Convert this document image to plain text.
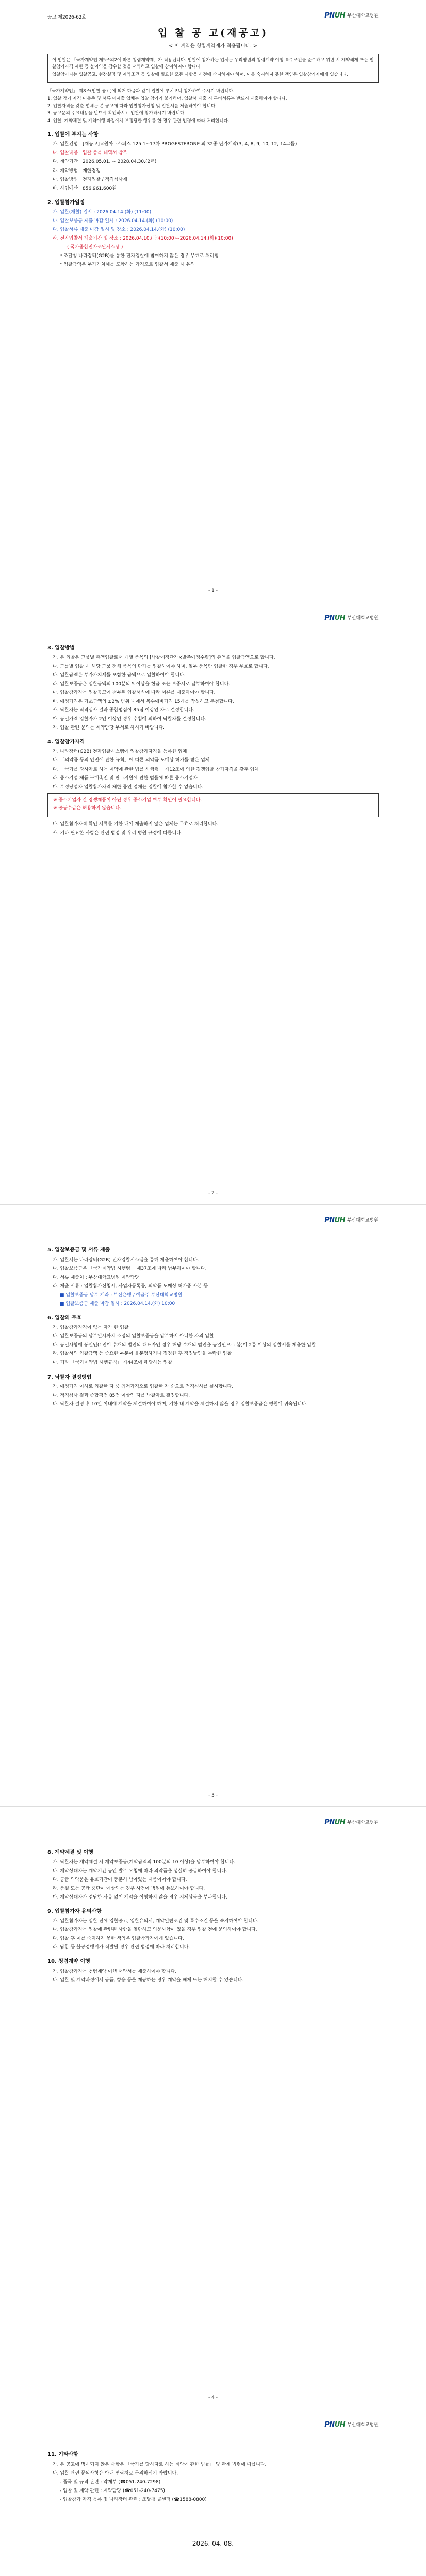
PNUH 부산대학교병원
공고 제2026-62호
입 찰 공 고(재공고)
< 이 계약은 청렴계약제가 적용됩니다. >

이 입찰은 「국가계약법 제5조의2에 따른 청렴계약제」가 적용됩니다. 입찰에 참가하는 업체는 우리병원의 청렴계약 이행 특수조건을 준수하고 위반 시 계약해제 또는 입찰참가자격 제한 등 불이익을 감수할 것을 서약하고 입찰에 참여하여야 합니다.

입찰참가자는 입찰공고, 현장설명 및 계약조건 등 입찰에 필요한 모든 사항을 사전에 숙지하여야 하며, 이를 숙지하지 못한 책임은 입찰참가자에게 있습니다.

「국가계약법」 제8조(입찰 공고)에 의거 다음과 같이 입찰에 부치오니 참가하여 주시기 바랍니다.

1. 입찰 참가 자격 미충족 및 서류 미제출 업체는 입찰 참가가 불가하며, 입찰서 제출 시 구비서류는 반드시 제출하여야 합니다.

2. 입찰자격을 갖춘 업체는 본 공고에 따라 입찰참가신청 및 입찰서를 제출하여야 합니다.

3. 공고문의 주요내용을 반드시 확인하시고 입찰에 참가하시기 바랍니다.

4. 입찰, 계약체결 및 계약이행 과정에서 부정당한 행위를 한 경우 관련 법령에 따라 처리합니다.

1. 입찰에 부치는 사항

가. 입찰건명 : [재공고]교원아트소피스 125 1~17차 PROGESTERONE 외 32종 단가계약(3, 4, 8, 9, 10, 12, 14그룹)

나. 입찰내용 : 입찰 품목 내역서 참조

다. 계약기간 : 2026.05.01. ~ 2028.04.30.(2년)

라. 계약방법 : 제한경쟁

마. 입찰방법 : 전자입찰 / 적격심사제

바. 사업예산 : 856,961,600원

2. 입찰참가일정

가. 입찰(개찰) 일시 : 2026.04.14.(화) (11:00)

나. 입찰보증금 제출 마감 일시 : 2026.04.14.(화) (10:00)

다. 입찰서류 제출 마감 일시 및 장소 : 2026.04.14.(화) (10:00)

라. 전자입찰서 제출기간 및 장소 : 2026.04.10.(금)(10:00)~2026.04.14.(화)(10:00)

( 국가종합전자조달시스템 )

* 조달청 나라장터(G2B)를 통한 전자입찰에 참여하지 않은 경우 무효로 처리함

* 입찰금액은 부가가치세를 포함하는 가격으로 입찰서 제출 시 유의

- 1 -
PNUH 부산대학교병원
3. 입찰방법

가. 본 입찰은 그룹별 총액입찰로서 개별 품목의 [낙찰예정단가×발주예정수량]의 총액을 입찰금액으로 합니다.

나. 그룹별 입찰 시 해당 그룹 전체 품목의 단가를 입찰하여야 하며, 일부 품목만 입찰한 경우 무효로 합니다.

다. 입찰금액은 부가가치세를 포함한 금액으로 입찰하여야 합니다.

라. 입찰보증금은 입찰금액의 100분의 5 이상을 현금 또는 보증서로 납부하여야 합니다.

마. 입찰참가자는 입찰공고에 첨부된 입찰서식에 따라 서류를 제출하여야 합니다.

바. 예정가격은 기초금액의 ±2% 범위 내에서 복수예비가격 15개를 작성하고 추첨합니다.

사. 낙찰자는 적격심사 결과 종합평점이 85점 이상인 자로 결정합니다.

아. 동일가격 입찰자가 2인 이상인 경우 추첨에 의하여 낙찰자를 결정합니다.

자. 입찰 관련 문의는 계약담당 부서로 하시기 바랍니다.

4. 입찰참가자격

가. 나라장터(G2B) 전자입찰시스템에 입찰참가자격을 등록한 업체

나. 「의약품 등의 안전에 관한 규칙」에 따른 의약품 도매상 허가를 받은 업체

다. 「국가를 당사자로 하는 계약에 관한 법률 시행령」 제12조에 의한 경쟁입찰 참가자격을 갖춘 업체

라. 중소기업 제품 구매촉진 및 판로지원에 관한 법률에 따른 중소기업자

마. 부정당업자 입찰참가자격 제한 중인 업체는 입찰에 참가할 수 없습니다.

※ 중소기업자 간 경쟁제품이 아닌 경우 중소기업 여부 확인이 필요합니다.

※ 공동수급은 허용하지 않습니다.

바. 입찰참가자격 확인 서류를 기한 내에 제출하지 않은 업체는 무효로 처리합니다.

사. 기타 필요한 사항은 관련 법령 및 우리 병원 규정에 따릅니다.

- 2 -
PNUH 부산대학교병원
5. 입찰보증금 및 서류 제출

가. 입찰서는 나라장터(G2B) 전자입찰시스템을 통해 제출하여야 합니다.

나. 입찰보증금은 「국가계약법 시행령」 제37조에 따라 납부하여야 합니다.

다. 서류 제출처 : 부산대학교병원 계약담당

라. 제출 서류 : 입찰참가신청서, 사업자등록증, 의약품 도매상 허가증 사본 등

■ 입찰보증금 납부 계좌 : 부산은행 / 예금주 부산대학교병원

■ 입찰보증금 제출 마감 일시 : 2026.04.14.(화) 10:00

6. 입찰의 무효

가. 입찰참가자격이 없는 자가 한 입찰

나. 입찰보증금의 납부일시까지 소정의 입찰보증금을 납부하지 아니한 자의 입찰

다. 동일사항에 동일인(1인이 수개의 법인의 대표자인 경우 해당 수개의 법인을 동일인으로 봄)이 2통 이상의 입찰서를 제출한 입찰

라. 입찰서의 입찰금액 등 중요한 부분이 불분명하거나 정정한 후 정정날인을 누락한 입찰

마. 기타 「국가계약법 시행규칙」 제44조에 해당하는 입찰

7. 낙찰자 결정방법

가. 예정가격 이하로 입찰한 자 중 최저가격으로 입찰한 자 순으로 적격심사를 실시합니다.

나. 적격심사 결과 종합평점 85점 이상인 자를 낙찰자로 결정합니다.

다. 낙찰자 결정 후 10일 이내에 계약을 체결하여야 하며, 기한 내 계약을 체결하지 않을 경우 입찰보증금은 병원에 귀속됩니다.

- 3 -
PNUH 부산대학교병원
8. 계약체결 및 이행

가. 낙찰자는 계약체결 시 계약보증금(계약금액의 100분의 10 이상)을 납부하여야 합니다.

나. 계약상대자는 계약기간 동안 발주 요청에 따라 의약품을 성실히 공급하여야 합니다.

다. 공급 의약품은 유효기간이 충분히 남아있는 제품이어야 합니다.

라. 품절 또는 공급 중단이 예상되는 경우 사전에 병원에 통보하여야 합니다.

마. 계약상대자가 정당한 사유 없이 계약을 이행하지 않을 경우 지체상금을 부과합니다.

9. 입찰참가자 유의사항

가. 입찰참가자는 입찰 전에 입찰공고, 입찰유의서, 계약일반조건 및 특수조건 등을 숙지하여야 합니다.

나. 입찰참가자는 입찰에 관련된 사항을 열람하고 의문사항이 있을 경우 입찰 전에 문의하여야 합니다.

다. 입찰 후 이를 숙지하지 못한 책임은 입찰참가자에게 있습니다.

라. 담합 등 불공정행위가 적발될 경우 관련 법령에 따라 처리합니다.

10. 청렴계약 이행

가. 입찰참가자는 청렴계약 이행 서약서를 제출하여야 합니다.

나. 입찰 및 계약과정에서 금품, 향응 등을 제공하는 경우 계약을 해제 또는 해지할 수 있습니다.

- 4 -
PNUH 부산대학교병원
11. 기타사항

가. 본 공고에 명시되지 않은 사항은 「국가를 당사자로 하는 계약에 관한 법률」 및 관계 법령에 따릅니다.

나. 입찰 관련 문의사항은 아래 연락처로 문의하시기 바랍니다.

- 품목 및 규격 관련 : 약제부 (☎051-240-7298)

- 입찰 및 계약 관련 : 계약담당 (☎051-240-7475)

- 입찰참가 자격 등록 및 나라장터 관련 : 조달청 콜센터 (☎1588-0800)

2026. 04. 08.
